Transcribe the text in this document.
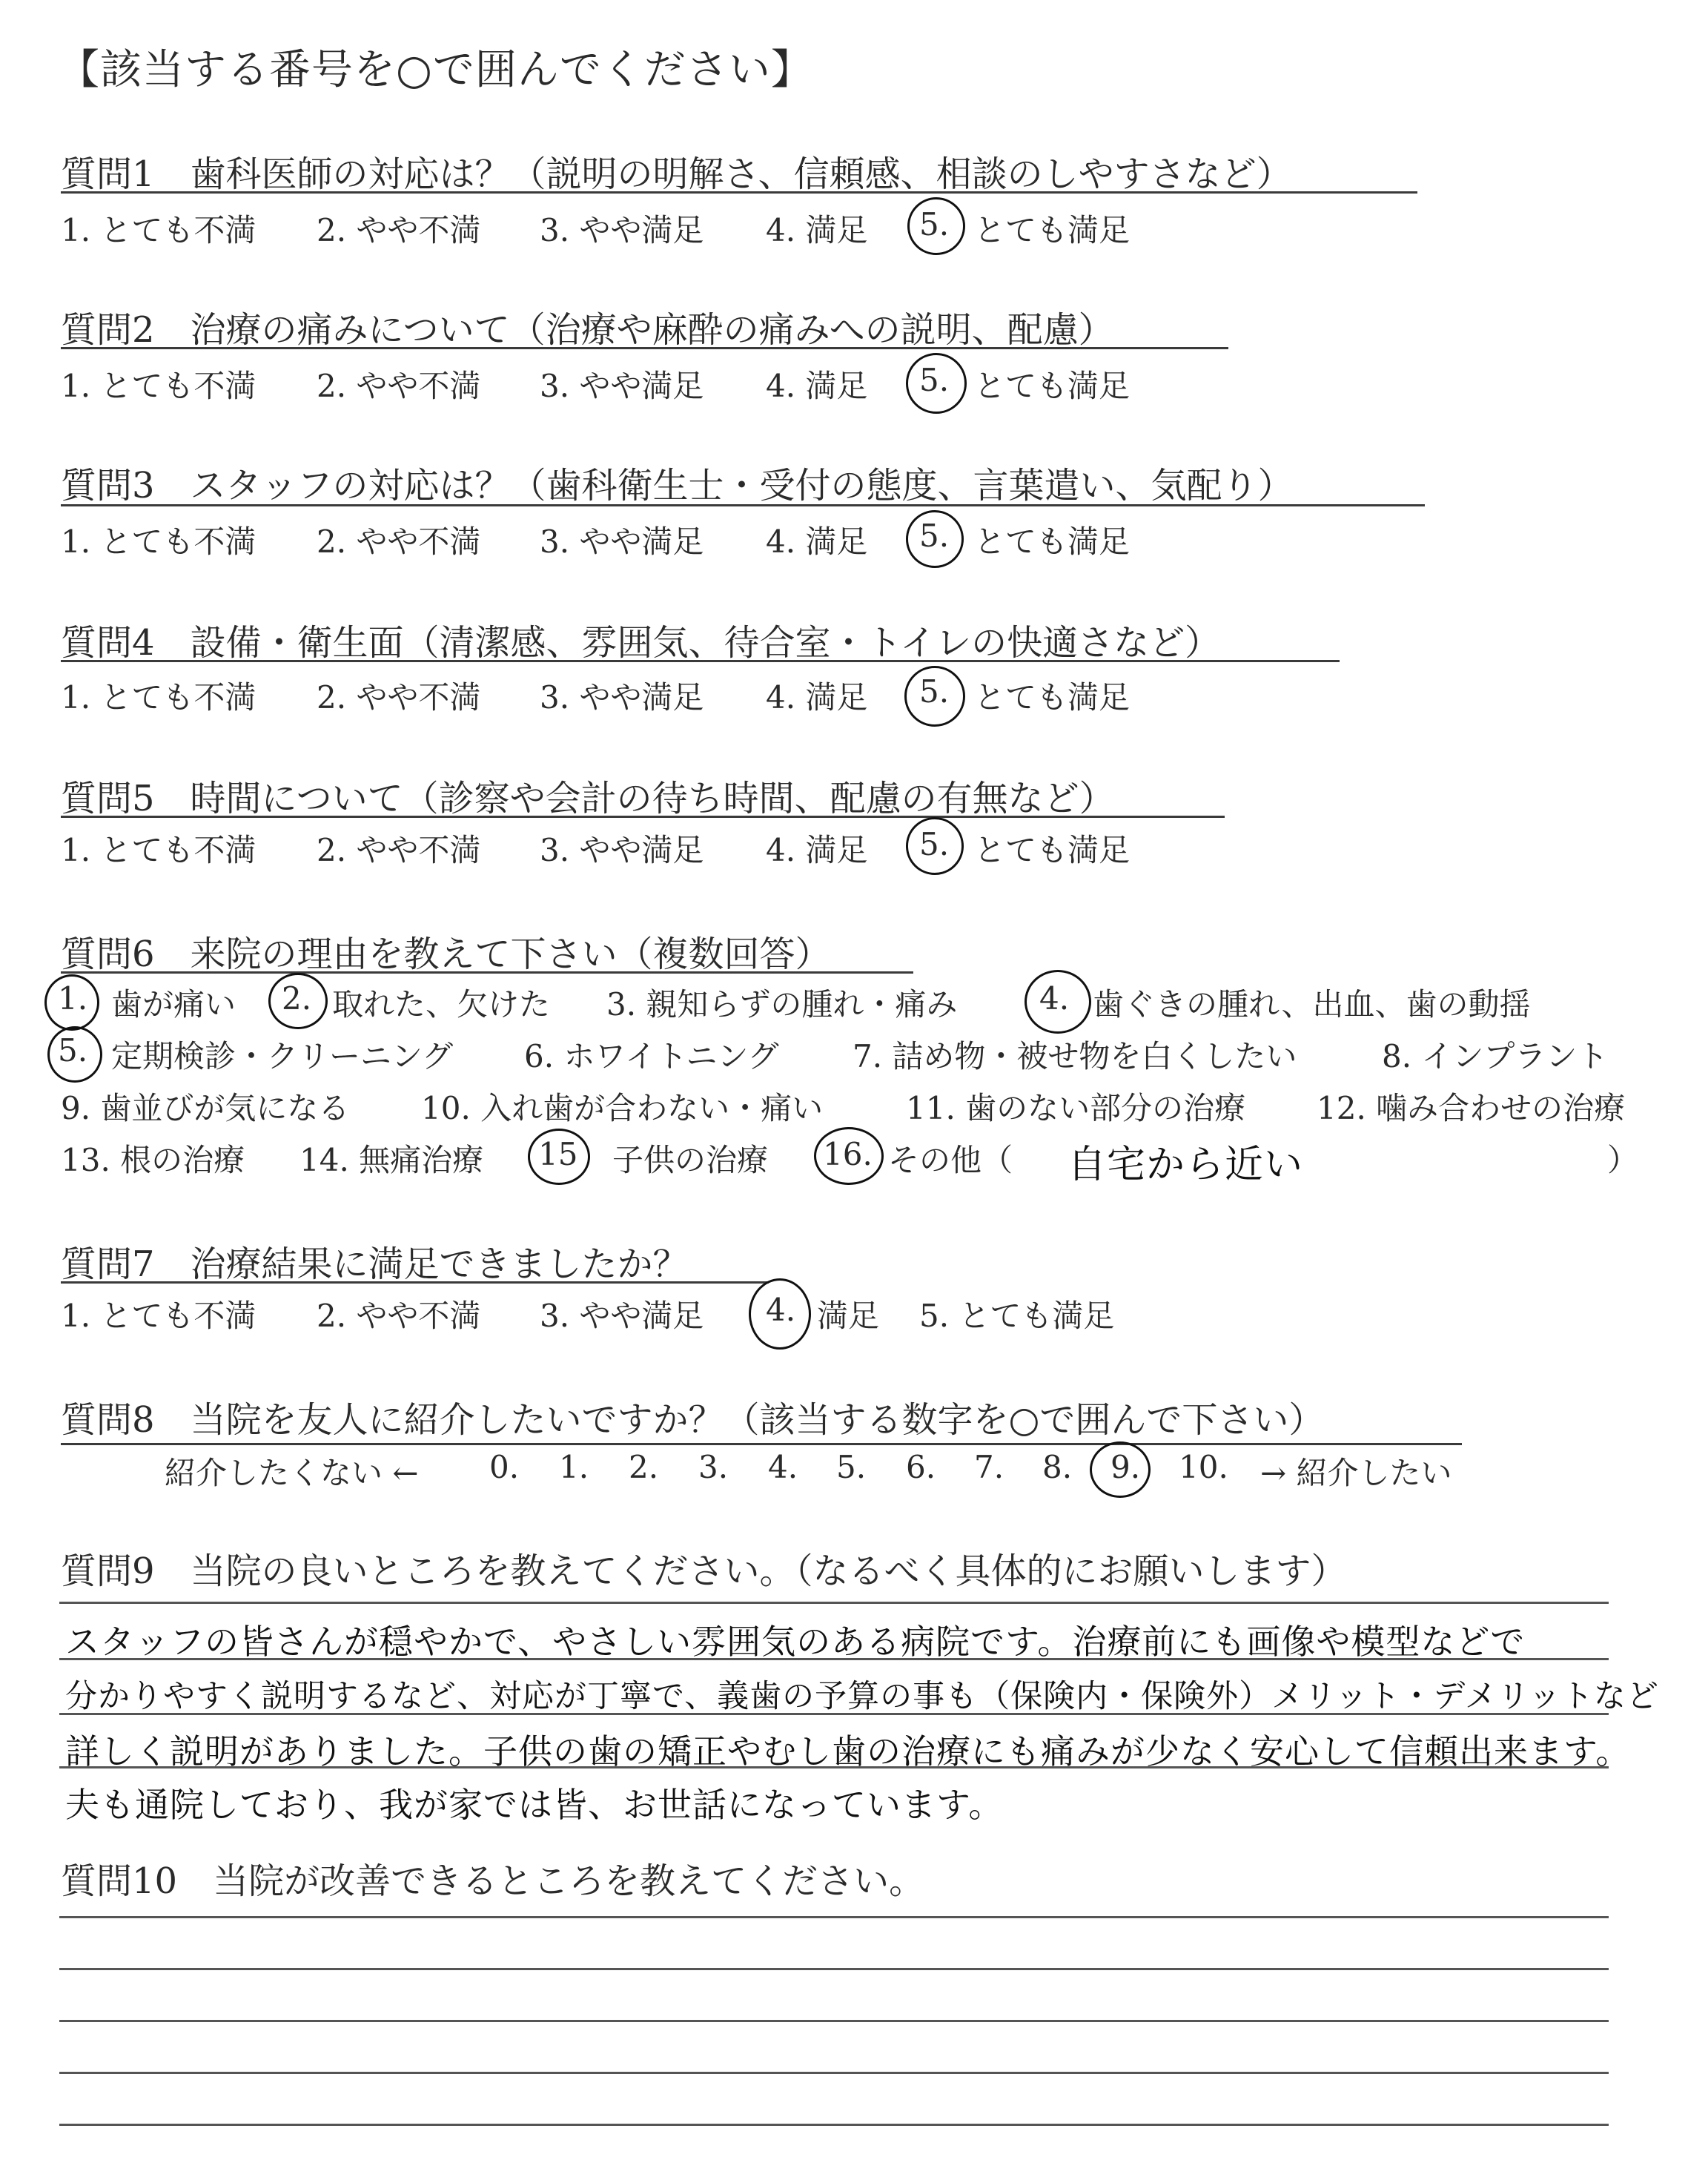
【該当する番号を○で囲んでください】
質問1　歯科医師の対応は？（説明の明解さ、信頼感、相談のしやすさなど）
1. とても不満 2. やや不満 3. やや満足 4. 満足 5. とても満足
質問2　治療の痛みについて（治療や麻酔の痛みへの説明、配慮）
1. とても不満 2. やや不満 3. やや満足 4. 満足 5. とても満足
質問3　スタッフの対応は？（歯科衛生士・受付の態度、言葉遣い、気配り）
1. とても不満 2. やや不満 3. やや満足 4. 満足 5. とても満足
質問4　設備・衛生面（清潔感、雰囲気、待合室・トイレの快適さなど）
1. とても不満 2. やや不満 3. やや満足 4. 満足 5. とても満足
質問5　時間について（診察や会計の待ち時間、配慮の有無など）
1. とても不満 2. やや不満 3. やや満足 4. 満足 5. とても満足
質問6　来院の理由を教えて下さい（複数回答）
1. 歯が痛い 2. 取れた、欠けた 3. 親知らずの腫れ・痛み	4. 歯ぐきの腫れ、出血、歯の動揺
5. 定期検診・クリーニング 6. ホワイトニング 7. 詰め物・被せ物を白くしたい	8. インプラント
9. 歯並びが気になる 10. 入れ歯が合わない・痛い	11. 歯のない部分の治療 12. 噛み合わせの治療
13. 根の治療 14. 無痛治療 15 子供の治療 16. その他（ 自宅から近い	）
質問7　治療結果に満足できましたか？
1. とても不満 2. やや不満 3. やや満足 4. 満足 5. とても満足
質問8　当院を友人に紹介したいですか？（該当する数字を○で囲んで下さい）
紹介したくない ← 0. 1. 2. 3. 4. 5. 6. 7. 8. 9. 10. → 紹介したい
質問9　当院の良いところを教えてください。（なるべく具体的にお願いします）
スタッフの皆さんが穏やかで、やさしい雰囲気のある病院です。治療前にも画像や模型などで
分かりやすく説明するなど、対応が丁寧で、義歯の予算の事も（保険内・保険外）メリット・デメリットなど
詳しく説明がありました。子供の歯の矯正やむし歯の治療にも痛みが少なく安心して信頼出来ます。
夫も通院しており、我が家では皆、お世話になっています。
質問10　当院が改善できるところを教えてください。
